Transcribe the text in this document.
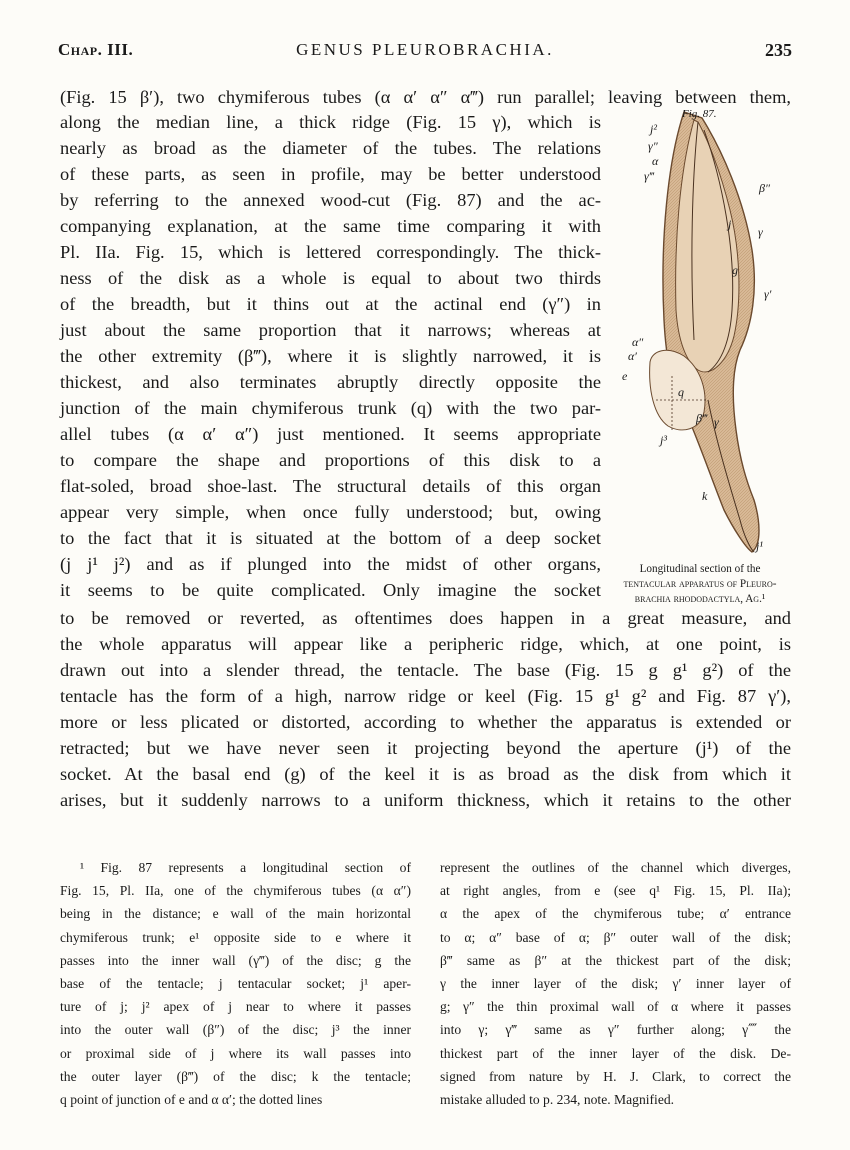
Chap. III.	GENUS PLEUROBRACHIA.	235
(Fig. 15 β′), two chymiferous tubes (α α′ α″ α‴) run parallel; leaving between them,
along the median line, a thick ridge (Fig. 15 γ), which is
nearly as broad as the diameter of the tubes. The relations
of these parts, as seen in profile, may be better understood
by referring to the annexed wood-cut (Fig. 87) and the ac-
companying explanation, at the same time comparing it with
Pl. IIa. Fig. 15, which is lettered correspondingly. The thick-
ness of the disk as a whole is equal to about two thirds
of the breadth, but it thins out at the actinal end (γ″) in
just about the same proportion that it narrows; whereas at
the other extremity (β‴), where it is slightly narrowed, it is
thickest, and also terminates abruptly directly opposite the
junction of the main chymiferous trunk (q) with the two par-
allel tubes (α α′ α″) just mentioned. It seems appropriate
to compare the shape and proportions of this disk to a
flat-soled, broad shoe-last. The structural details of this organ
appear very simple, when once fully understood; but, owing
to the fact that it is situated at the bottom of a deep socket
(j j¹ j²) and as if plunged into the midst of other organs,
it seems to be quite complicated. Only imagine the socket
j²
γ″
α
γ‴
β″
j
γ
g
γ′
α″
α′
e
q
j³
β‴ γ
k
j¹
Fig. 87.
Longitudinal section of the
tentacular apparatus of Pleuro-
brachia rhododactyla, Ag.¹
to be removed or reverted, as oftentimes does happen in a great measure, and
the whole apparatus will appear like a peripheric ridge, which, at one point, is
drawn out into a slender thread, the tentacle. The base (Fig. 15 g g¹ g²) of the
tentacle has the form of a high, narrow ridge or keel (Fig. 15 g¹ g² and Fig. 87 γ′),
more or less plicated or distorted, according to whether the apparatus is extended or
retracted; but we have never seen it projecting beyond the aperture (j¹) of the
socket. At the basal end (g) of the keel it is as broad as the disk from which it
arises, but it suddenly narrows to a uniform thickness, which it retains to the other
¹ Fig. 87 represents a longitudinal section of
Fig. 15, Pl. IIa, one of the chymiferous tubes (α α″)
being in the distance; e wall of the main horizontal
chymiferous trunk; e¹ opposite side to e where it
passes into the inner wall (γ‴) of the disc; g the
base of the tentacle; j tentacular socket; j¹ aper-
ture of j; j² apex of j near to where it passes
into the outer wall (β″) of the disc; j³ the inner
or proximal side of j where its wall passes into
the outer layer (β‴) of the disc; k the tentacle;
q point of junction of e and α α′; the dotted lines
represent the outlines of the channel which diverges,
at right angles, from e (see q¹ Fig. 15, Pl. IIa);
α the apex of the chymiferous tube; α′ entrance
to α; α″ base of α; β″ outer wall of the disk;
β‴ same as β″ at the thickest part of the disk;
γ the inner layer of the disk; γ′ inner layer of
g; γ″ the thin proximal wall of α where it passes
into γ; γ‴ same as γ″ further along; γ⁗ the
thickest part of the inner layer of the disk. De-
signed from nature by H. J. Clark, to correct the
mistake alluded to p. 234, note. Magnified.
